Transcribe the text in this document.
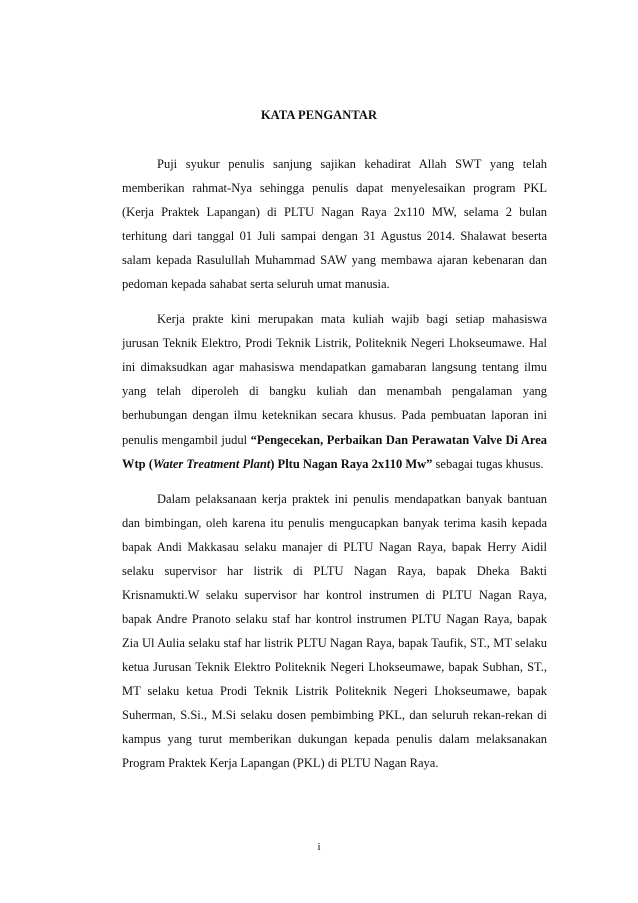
KATA PENGANTAR

Puji syukur penulis sanjung sajikan kehadirat Allah SWT yang telah memberikan rahmat-Nya sehingga penulis dapat menyelesaikan program PKL (Kerja Praktek Lapangan) di PLTU Nagan Raya 2x110 MW, selama 2 bulan terhitung dari tanggal 01 Juli sampai dengan 31 Agustus 2014. Shalawat beserta salam kepada Rasulullah Muhammad SAW yang membawa ajaran kebenaran dan pedoman kepada sahabat serta seluruh umat manusia.

Kerja prakte kini merupakan mata kuliah wajib bagi setiap mahasiswa jurusan Teknik Elektro, Prodi Teknik Listrik, Politeknik Negeri Lhokseumawe. Hal ini dimaksudkan agar mahasiswa mendapatkan gamabaran langsung tentang ilmu yang telah diperoleh di bangku kuliah dan menambah pengalaman yang berhubungan dengan ilmu keteknikan secara khusus. Pada pembuatan laporan ini penulis mengambil judul “Pengecekan, Perbaikan Dan Perawatan Valve Di Area Wtp (Water Treatment Plant) Pltu Nagan Raya 2x110 Mw” sebagai tugas khusus.

Dalam pelaksanaan kerja praktek ini penulis mendapatkan banyak bantuan dan bimbingan, oleh karena itu penulis mengucapkan banyak terima kasih kepada bapak Andi Makkasau selaku manajer di PLTU Nagan Raya, bapak Herry Aidil selaku supervisor har listrik di PLTU Nagan Raya, bapak Dheka Bakti Krisnamukti.W selaku supervisor har kontrol instrumen di PLTU Nagan Raya, bapak Andre Pranoto selaku staf har kontrol instrumen PLTU Nagan Raya, bapak Zia Ul Aulia selaku staf har listrik PLTU Nagan Raya, bapak Taufik, ST., MT selaku ketua Jurusan Teknik Elektro Politeknik Negeri Lhokseumawe, bapak Subhan, ST., MT selaku ketua Prodi Teknik Listrik Politeknik Negeri Lhokseumawe, bapak Suherman, S.Si., M.Si selaku dosen pembimbing PKL, dan seluruh rekan-rekan di kampus yang turut memberikan dukungan kepada penulis dalam melaksanakan Program Praktek Kerja Lapangan (PKL) di PLTU Nagan Raya.

i
